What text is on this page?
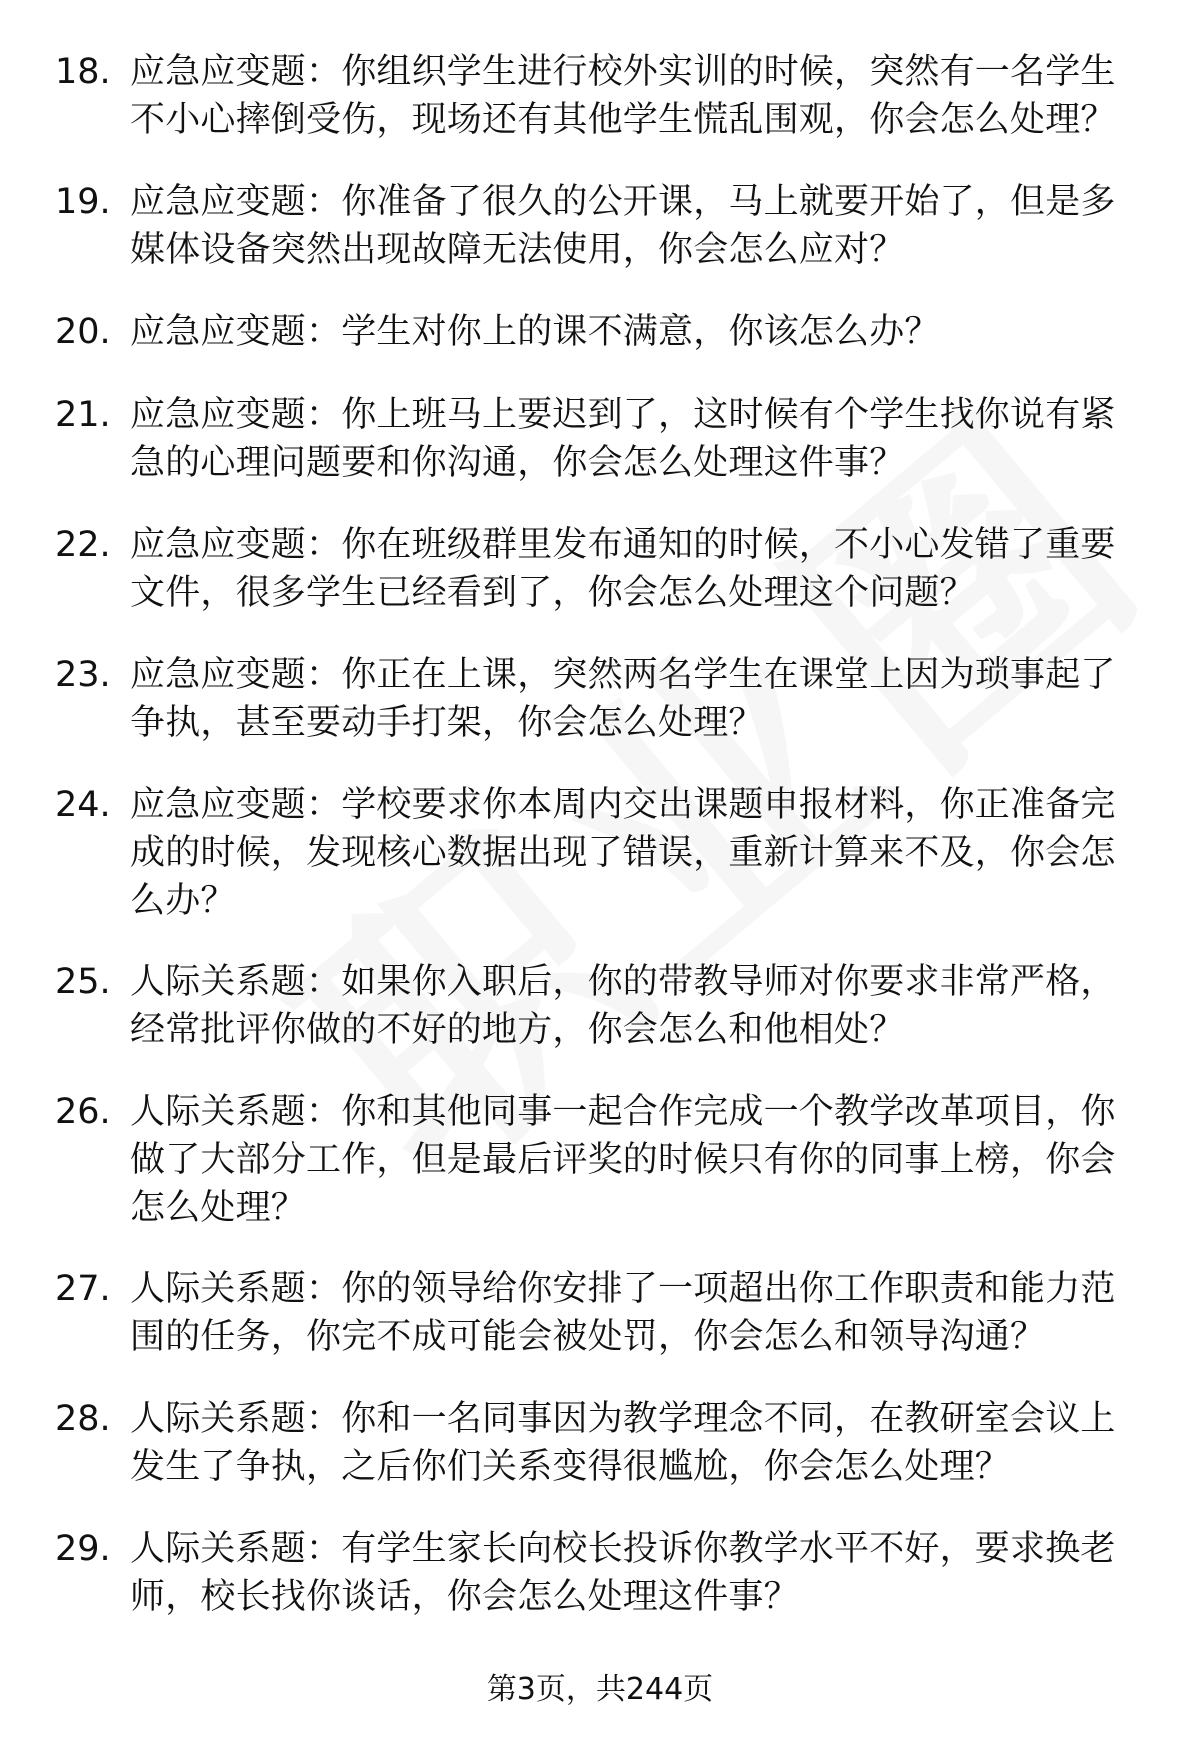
18. 应急应变题：你组织学生进行校外实训的时候，突然有一名学生不小心摔倒受伤，现场还有其他学生慌乱围观，你会怎么处理？
19. 应急应变题：你准备了很久的公开课，马上就要开始了，但是多媒体设备突然出现故障无法使用，你会怎么应对？
20. 应急应变题：学生对你上的课不满意，你该怎么办？
21. 应急应变题：你上班马上要迟到了，这时候有个学生找你说有紧急的心理问题要和你沟通，你会怎么处理这件事？
22. 应急应变题：你在班级群里发布通知的时候，不小心发错了重要文件，很多学生已经看到了，你会怎么处理这个问题？
23. 应急应变题：你正在上课，突然两名学生在课堂上因为琐事起了争执，甚至要动手打架，你会怎么处理？
24. 应急应变题：学校要求你本周内交出课题申报材料，你正准备完成的时候，发现核心数据出现了错误，重新计算来不及，你会怎么办？
25. 人际关系题：如果你入职后，你的带教导师对你要求非常严格，经常批评你做的不好的地方，你会怎么和他相处？
26. 人际关系题：你和其他同事一起合作完成一个教学改革项目，你做了大部分工作，但是最后评奖的时候只有你的同事上榜，你会怎么处理？
27. 人际关系题：你的领导给你安排了一项超出你工作职责和能力范围的任务，你完不成可能会被处罚，你会怎么和领导沟通？
28. 人际关系题：你和一名同事因为教学理念不同，在教研室会议上发生了争执，之后你们关系变得很尴尬，你会怎么处理？
29. 人际关系题：有学生家长向校长投诉你教学水平不好，要求换老师，校长找你谈话，你会怎么处理这件事？
第3页，共244页
